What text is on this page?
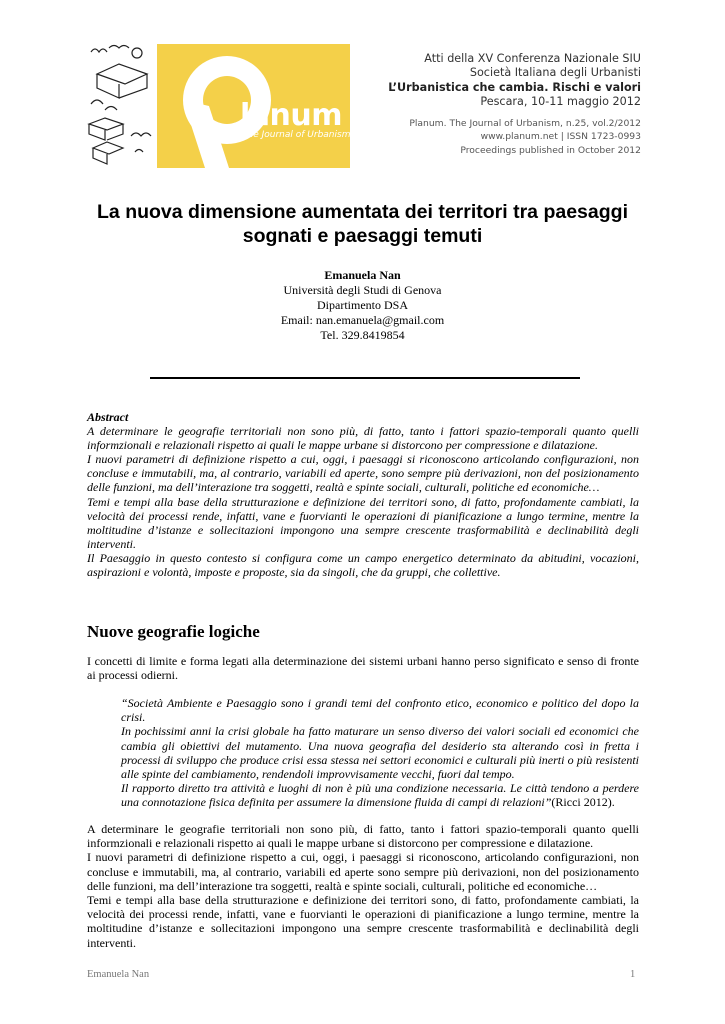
lanum
The Journal of Urbanism
Atti della XV Conferenza Nazionale SIU
Società Italiana degli Urbanisti
L’Urbanistica che cambia. Rischi e valori
Pescara, 10-11 maggio 2012
Planum. The Journal of Urbanism, n.25, vol.2/2012
www.planum.net | ISSN 1723-0993
Proceedings published in October 2012
La nuova dimensione aumentata dei territori tra paesaggi
sognati e paesaggi temuti
Emanuela Nan
Università degli Studi di Genova
Dipartimento DSA
Email: nan.emanuela@gmail.com
Tel. 329.8419854
Abstract

A determinare le geografie territoriali non sono più, di fatto, tanto i fattori spazio-temporali quanto quelli informzionali e relazionali rispetto ai quali le mappe urbane si distorcono per compressione e dilatazione.

I nuovi parametri di definizione rispetto a cui, oggi, i paesaggi si riconoscono articolando configurazioni, non concluse e immutabili, ma, al contrario, variabili ed aperte, sono sempre più derivazioni, non del posizionamento delle funzioni, ma dell’interazione tra soggetti, realtà e spinte sociali, culturali, politiche ed economiche…

Temi e tempi alla base della strutturazione e definizione dei territori sono, di fatto, profondamente cambiati, la velocità dei processi rende, infatti, vane e fuorvianti le operazioni di pianificazione a lungo termine, mentre la moltitudine d’istanze e sollecitazioni impongono una sempre crescente trasformabilità e declinabilità degli interventi.

Il Paesaggio in questo contesto si configura come un campo energetico determinato da abitudini, vocazioni, aspirazioni e volontà, imposte e proposte, sia da singoli, che da gruppi, che collettive.

Nuove geografie logiche
I concetti di limite e forma legati alla determinazione dei sistemi urbani hanno perso significato e senso di fronte ai processi odierni.

“Società Ambiente e Paesaggio sono i grandi temi del confronto etico, economico e politico del dopo la crisi.

In pochissimi anni la crisi globale ha fatto maturare un senso diverso dei valori sociali ed economici che cambia gli obiettivi del mutamento. Una nuova geografia del desiderio sta alterando così in fretta i processi di sviluppo che produce crisi essa stessa nei settori economici e culturali più inerti o più resistenti alle spinte del cambiamento, rendendoli improvvisamente vecchi, fuori dal tempo.

Il rapporto diretto tra attività e luoghi di non è più una condizione necessaria. Le città tendono a perdere una connotazione fisica definita per assumere la dimensione fluida di campi di relazioni”(Ricci 2012).

A determinare le geografie territoriali non sono più, di fatto, tanto i fattori spazio-temporali quanto quelli informzionali e relazionali rispetto ai quali le mappe urbane si distorcono per compressione e dilatazione.

I nuovi parametri di definizione rispetto a cui, oggi, i paesaggi si riconoscono, articolando configurazioni, non concluse e immutabili, ma, al contrario, variabili ed aperte sono sempre più derivazioni, non del posizionamento delle funzioni, ma dell’interazione tra soggetti, realtà e spinte sociali, culturali, politiche ed economiche…

Temi e tempi alla base della strutturazione e definizione dei territori sono, di fatto, profondamente cambiati, la velocità dei processi rende, infatti, vane e fuorvianti le operazioni di pianificazione a lungo termine, mentre la moltitudine d’istanze e sollecitazioni impongono una sempre crescente trasformabilità e declinabilità degli interventi.

Emanuela Nan	1
